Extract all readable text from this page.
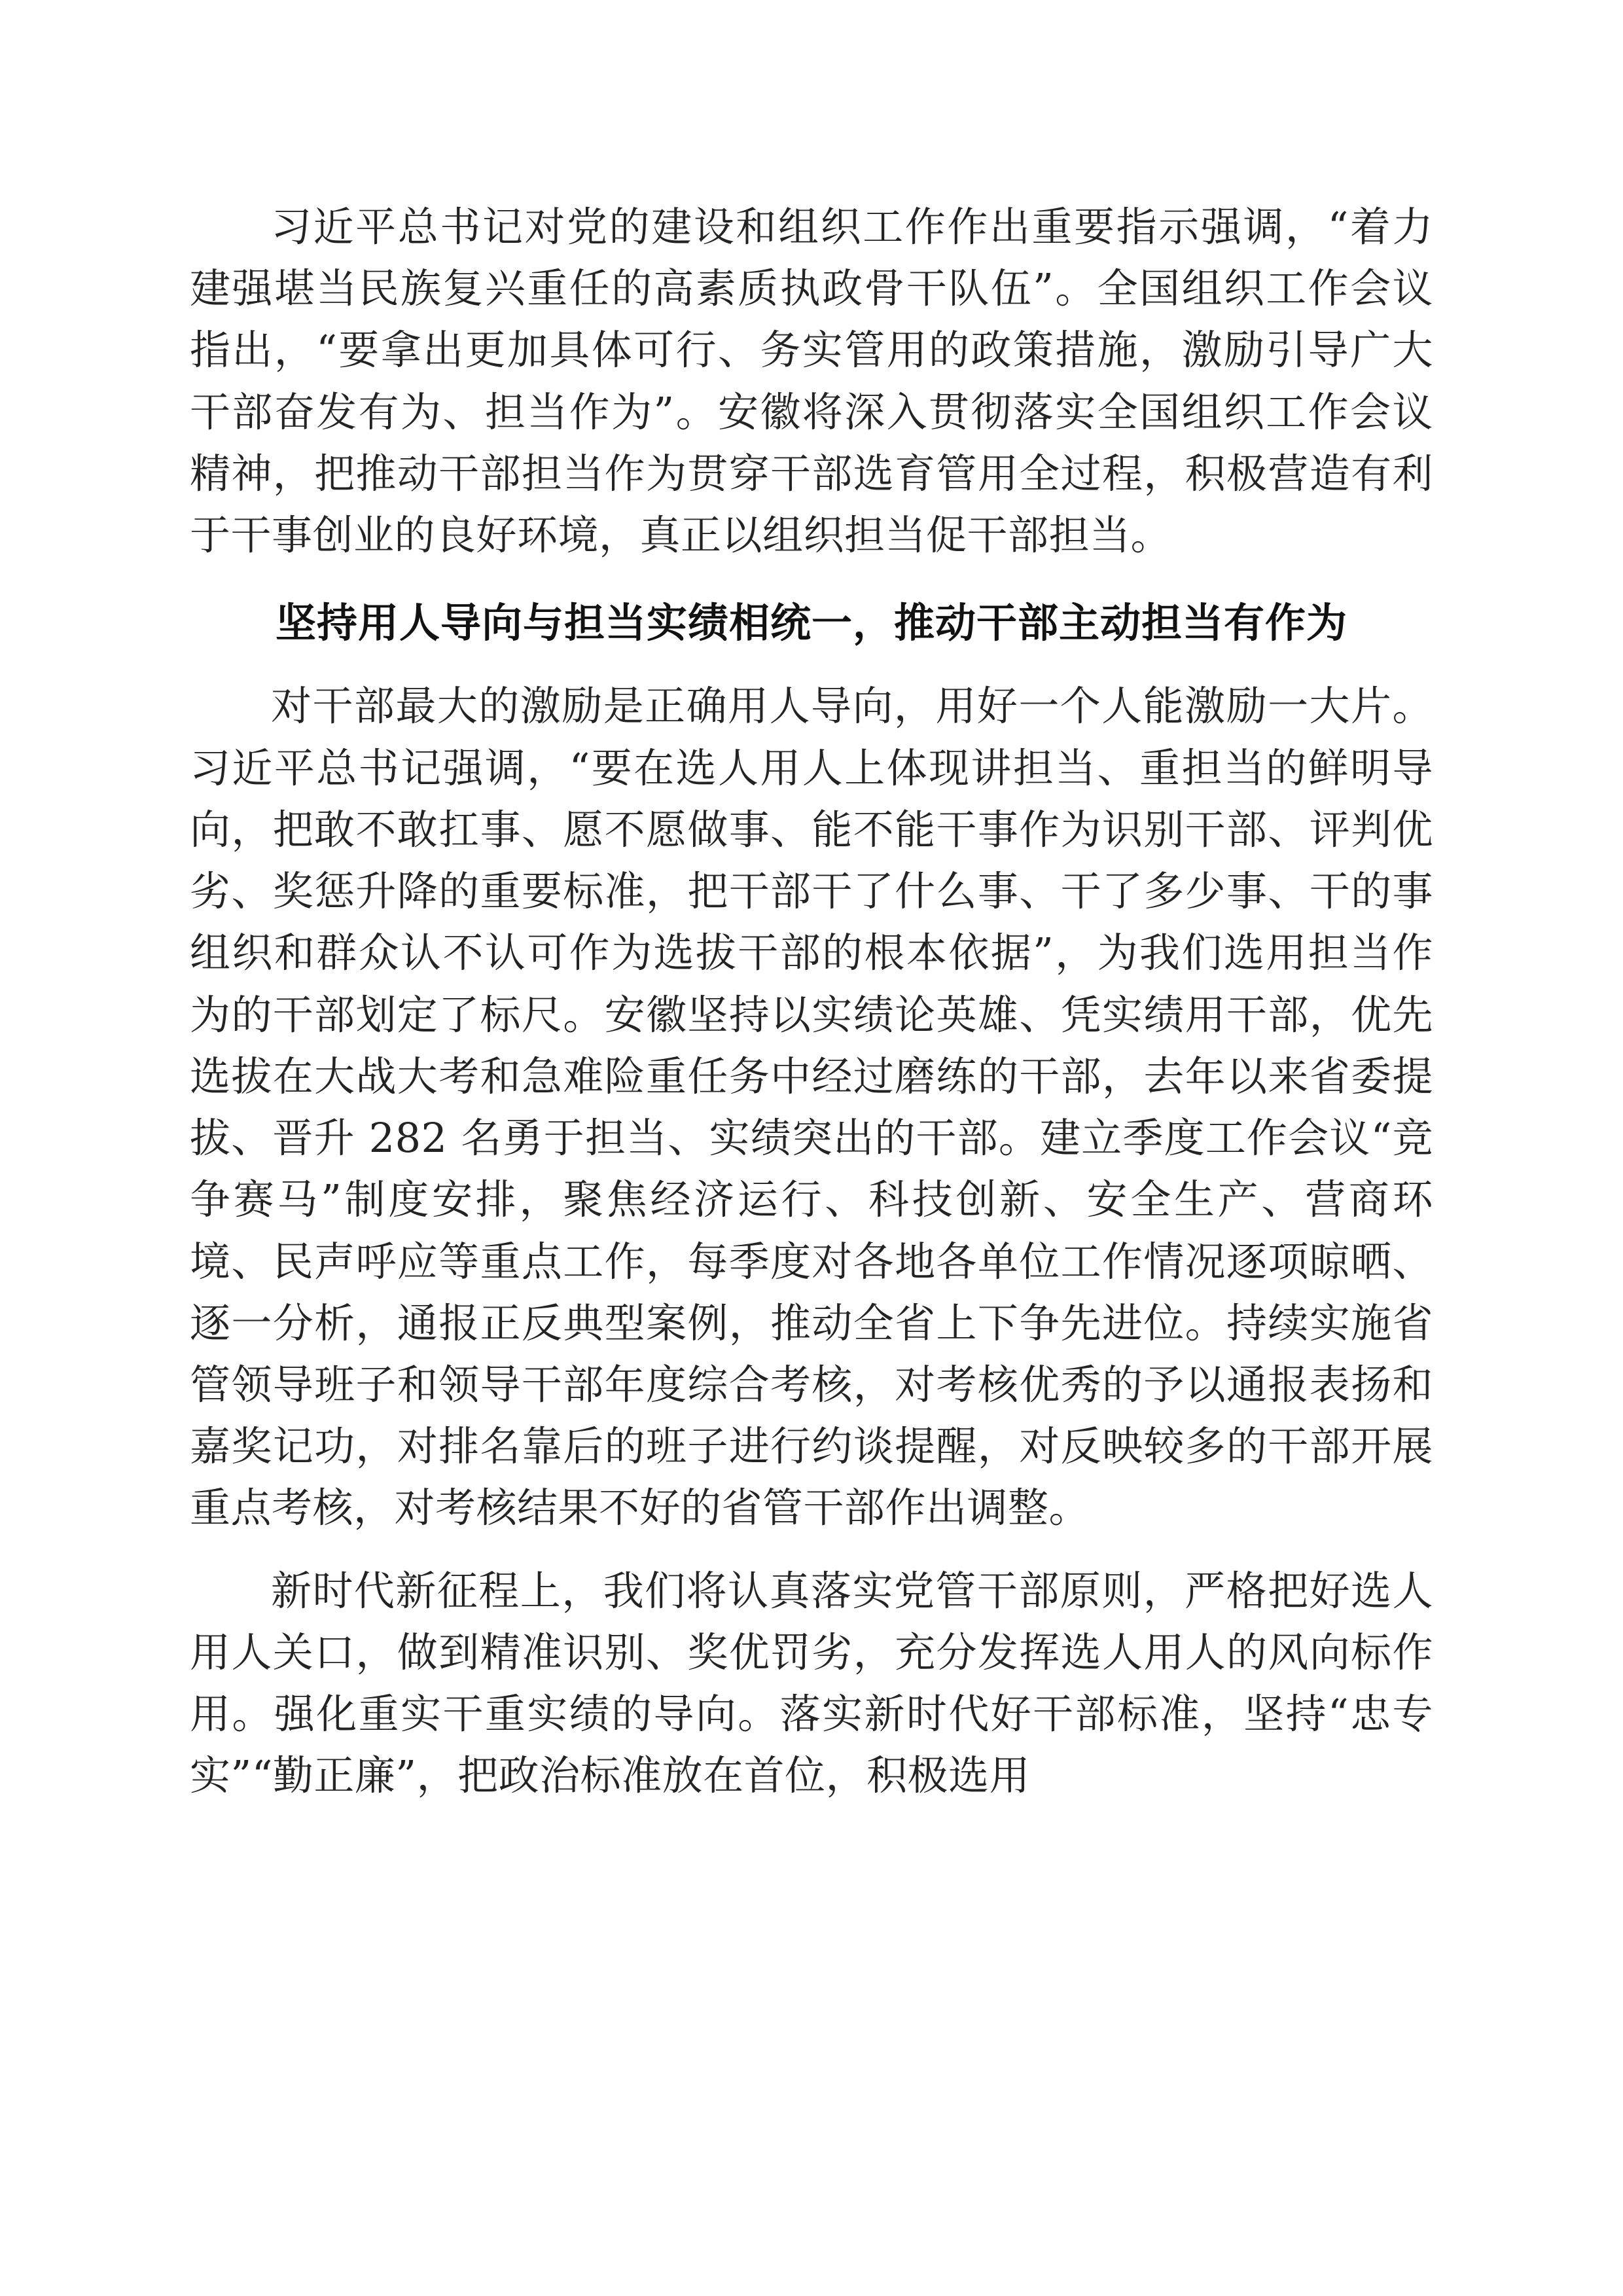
习近平总书记对党的建设和组织工作作出重要指示强调，“着力建强堪当民族复兴重任的高素质执政骨干队伍”。全国组织工作会议指出，“要拿出更加具体可行、务实管用的政策措施，激励引导广大干部奋发有为、担当作为”。安徽将深入贯彻落实全国组织工作会议精神，把推动干部担当作为贯穿干部选育管用全过程，积极营造有利于干事创业的良好环境，真正以组织担当促干部担当。

坚持用人导向与担当实绩相统一，推动干部主动担当有作为

对干部最大的激励是正确用人导向，用好一个人能激励一大片。习近平总书记强调，“要在选人用人上体现讲担当、重担当的鲜明导向，把敢不敢扛事、愿不愿做事、能不能干事作为识别干部、评判优劣、奖惩升降的重要标准，把干部干了什么事、干了多少事、干的事组织和群众认不认可作为选拔干部的根本依据”，为我们选用担当作为的干部划定了标尺。安徽坚持以实绩论英雄、凭实绩用干部，优先选拔在大战大考和急难险重任务中经过磨练的干部，去年以来省委提拔、晋升 282 名勇于担当、实绩突出的干部。建立季度工作会议“竞争赛马”制度安排，聚焦经济运行、科技创新、安全生产、营商环境、民声呼应等重点工作，每季度对各地各单位工作情况逐项晾晒、逐一分析，通报正反典型案例，推动全省上下争先进位。持续实施省管领导班子和领导干部年度综合考核，对考核优秀的予以通报表扬和嘉奖记功，对排名靠后的班子进行约谈提醒，对反映较多的干部开展重点考核，对考核结果不好的省管干部作出调整。

新时代新征程上，我们将认真落实党管干部原则，严格把好选人用人关口，做到精准识别、奖优罚劣，充分发挥选人用人的风向标作用。强化重实干重实绩的导向。落实新时代好干部标准，坚持“忠专实”“勤正廉”，把政治标准放在首位，积极选用
